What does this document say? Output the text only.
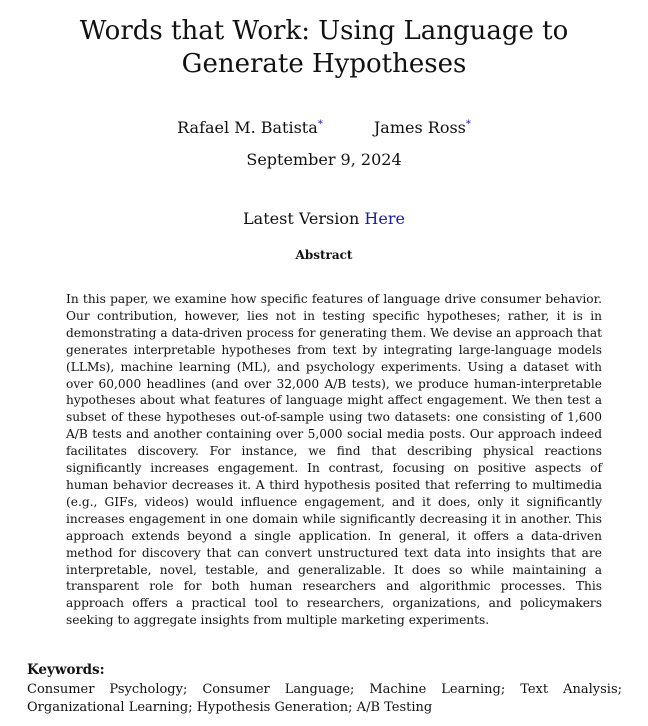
Words that Work: Using Language to Generate Hypotheses
Rafael M. Batista*	James Ross*
September 9, 2024
Latest Version Here
Abstract

In this paper, we examine how specific features of language drive consumer behavior. Our contribution, however, lies not in testing specific hypotheses; rather, it is in demonstrating a data-driven process for generating them. We devise an approach that generates interpretable hypotheses from text by integrating large-language models (LLMs), machine learning (ML), and psychology experiments. Using a dataset with over 60,000 headlines (and over 32,000 A/B tests), we produce human-interpretable hypotheses about what features of language might affect engagement. We then test a subset of these hypotheses out-of-sample using two datasets: one consisting of 1,600 A/B tests and another containing over 5,000 social media posts. Our approach indeed facilitates discovery. For instance, we find that describing physical reactions significantly increases engagement. In contrast, focusing on positive aspects of human behavior decreases it. A third hypothesis posited that referring to multimedia (e.g., GIFs, videos) would influence engagement, and it does, only it significantly increases engagement in one domain while significantly decreasing it in another. This approach extends beyond a single application. In general, it offers a data-driven method for discovery that can convert unstructured text data into insights that are interpretable, novel, testable, and generalizable. It does so while maintaining a transparent role for both human researchers and algorithmic processes. This approach offers a practical tool to researchers, organizations, and policymakers seeking to aggregate insights from multiple marketing experiments.

Keywords:

Consumer Psychology; Consumer Language; Machine Learning; Text Analysis; Organizational Learning; Hypothesis Generation; A/B Testing
